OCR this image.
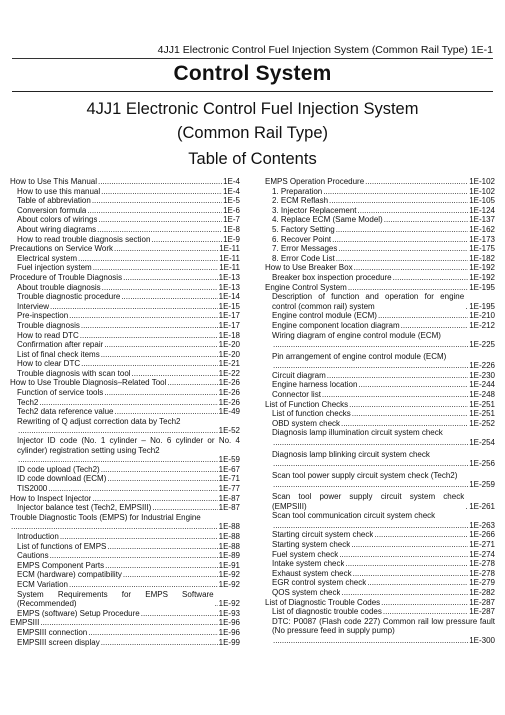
4JJ1 Electronic Control Fuel Injection System (Common Rail Type) 1E-1
Control System
4JJ1 Electronic Control Fuel Injection System
(Common Rail Type)
Table of Contents
How to Use This Manual .....	1E-4
How to use this manual .....	1E-4
Table of abbreviation .....	1E-5
Conversion formula .....	1E-6
About colors of wirings .....	1E-7
About wiring diagrams .....	1E-8
How to read trouble diagnosis section .....	1E-9
Precautions on Service Work .....	1E-11
Electrical system .....	1E-11
Fuel injection system .....	1E-11
Procedure of Trouble Diagnosis .....	1E-13
About trouble diagnosis .....	1E-13
Trouble diagnostic procedure .....	1E-14
Interview .....	1E-15
Pre-inspection .....	1E-17
Trouble diagnosis .....	1E-17
How to read DTC .....	1E-18
Confirmation after repair .....	1E-20
List of final check items .....	1E-20
How to clear DTC .....	1E-21
Trouble diagnosis with scan tool .....	1E-22
How to Use Trouble Diagnosis–Related Tool .....	1E-26
Function of service tools .....	1E-26
Tech2 .....	1E-26
Tech2 data reference value .....	1E-49
Rewriting of Q adjust correction data by Tech2
.....
1E-52
Injector ID code (No. 1 cylinder – No. 6 cylinder or No. 4 cylinder) registration setting using Tech2
.....
1E-59
ID code upload (Tech2) .....	1E-67
ID code download (ECM) .....	1E-71
TIS2000 .....	1E-77
How to Inspect Injector .....	1E-87
Injector balance test (Tech2, EMPSIII) .....	1E-87
Trouble Diagnostic Tools (EMPS) for Industrial Engine
.....
1E-88
Introduction .....	1E-88
List of functions of EMPS .....	1E-88
Cautions .....	1E-89
EMPS Component Parts .....	1E-91
ECM (hardware) compatibility .....	1E-92
ECM Variation .....	1E-92
System Requirements for EMPS Software (Recommended) .....	1E-92
EMPS (software) Setup Procedure .....	1E-93
EMPSIII .....	1E-96
EMPSIII connection .....	1E-96
EMPSIII screen display .....	1E-99
EMPS Operation Procedure .....	1E-102
1. Preparation .....	1E-102
2. ECM Reflash .....	1E-105
3. Injector Replacement .....	1E-124
4. Replace ECM (Same Model) .....	1E-137
5. Factory Setting .....	1E-162
6. Recover Point .....	1E-173
7. Error Messages .....	1E-175
8. Error Code List .....	1E-182
How to Use Breaker Box .....	1E-192
Breaker box inspection procedure .....	1E-192
Engine Control System .....	1E-195
Description of function and operation for engine control (common rail) system .....	1E-195
Engine control module (ECM) .....	1E-210
Engine component location diagram .....	1E-212
Wiring diagram of engine control module (ECM)
.....
1E-225
Pin arrangement of engine control module (ECM)
.....
1E-226
Circuit diagram .....	1E-230
Engine harness location .....	1E-244
Connector list .....	1E-248
List of Function Checks .....	1E-251
List of function checks .....	1E-251
OBD system check .....	1E-252
Diagnosis lamp illumination circuit system check
.....
1E-254
Diagnosis lamp blinking circuit system check
.....
1E-256
Scan tool power supply circuit system check (Tech2)
.....
1E-259
Scan tool power supply circuit system check (EMPSIII) .....	1E-261
Scan tool communication circuit system check
.....
1E-263
Starting circuit system check .....	1E-266
Starting system check .....	1E-271
Fuel system check .....	1E-274
Intake system check .....	1E-278
Exhaust system check .....	1E-278
EGR control system check .....	1E-279
QOS system check .....	1E-282
List of Diagnostic Trouble Codes .....	1E-287
List of diagnostic trouble codes .....	1E-287
DTC: P0087 (Flash code 227) Common rail low pressure fault (No pressure feed in supply pump)
.....
1E-300
